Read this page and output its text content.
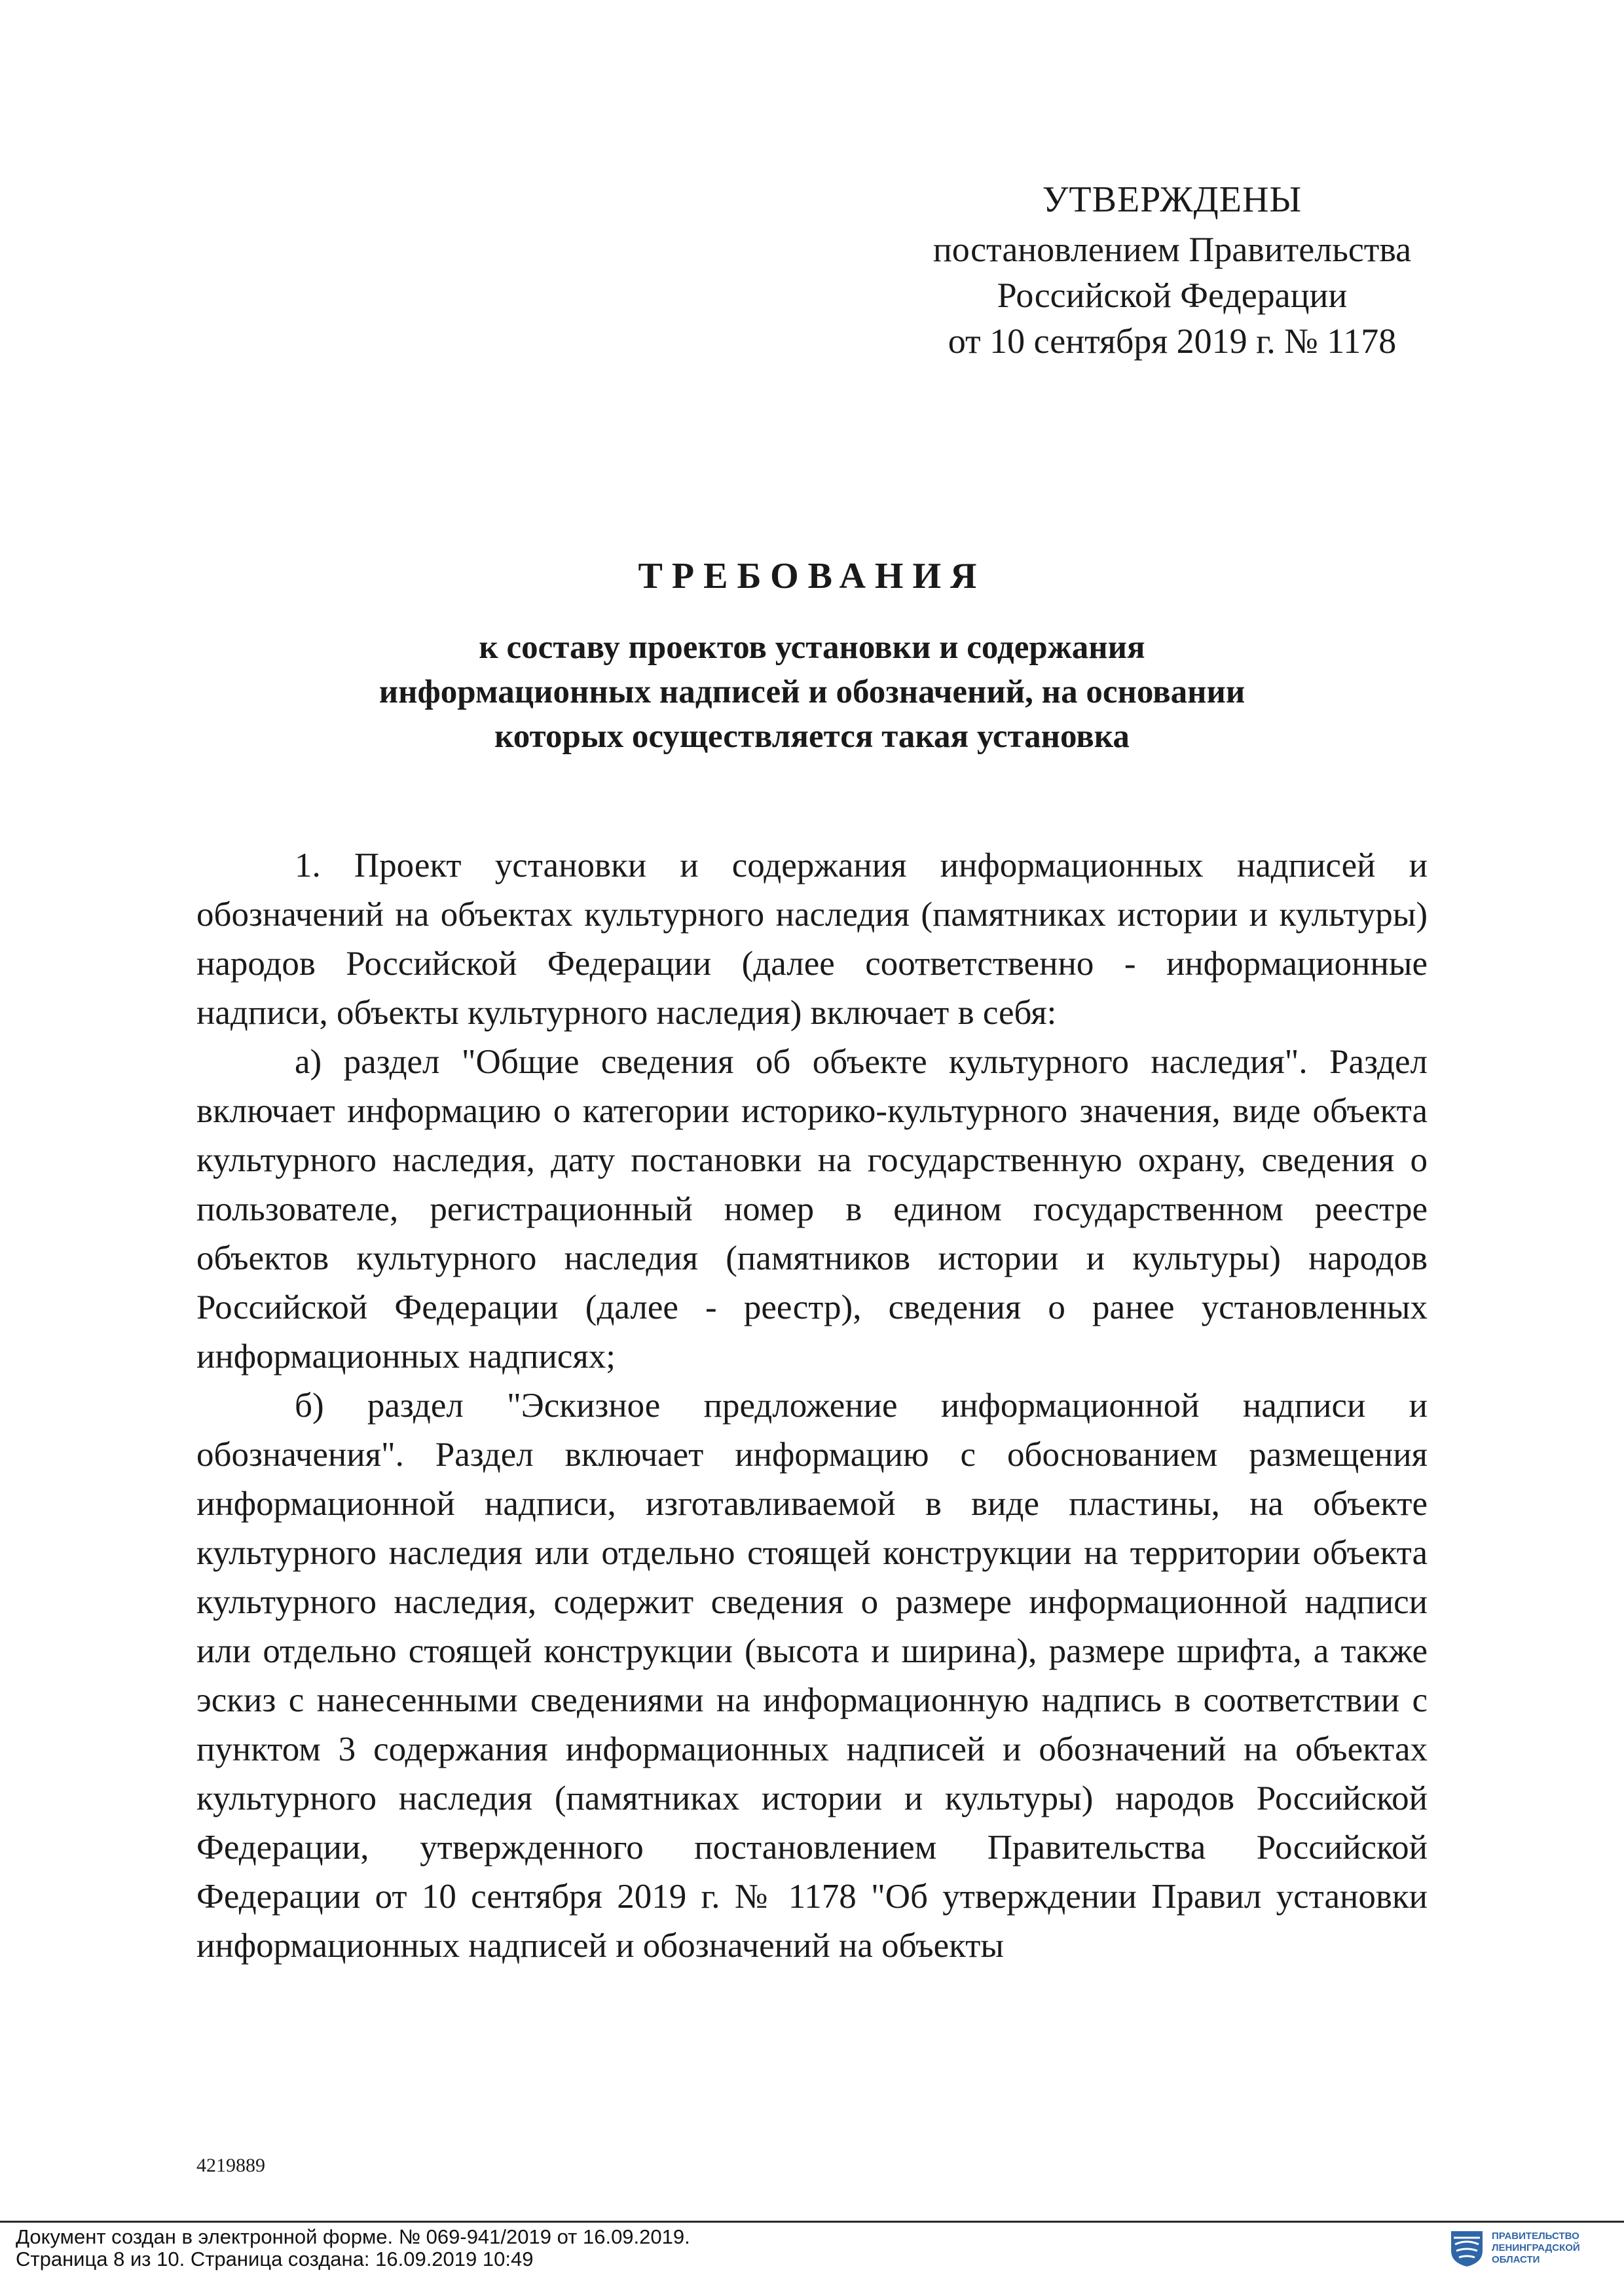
УТВЕРЖДЕНЫ
постановлением Правительства
Российской Федерации
от 10 сентября 2019 г. № 1178
ТРЕБОВАНИЯ
к составу проектов установки и содержания
информационных надписей и обозначений, на основании
которых осуществляется такая установка

1. Проект установки и содержания информационных надписей и обозначений на объектах культурного наследия (памятниках истории и культуры) народов Российской Федерации (далее соответственно - информационные надписи, объекты культурного наследия) включает в себя:

а) раздел "Общие сведения об объекте культурного наследия". Раздел включает информацию о категории историко-культурного значения, виде объекта культурного наследия, дату постановки на государственную охрану, сведения о пользователе, регистрационный номер в едином государственном реестре объектов культурного наследия (памятников истории и культуры) народов Российской Федерации (далее - реестр), сведения о ранее установленных информационных надписях;

б) раздел "Эскизное предложение информационной надписи и обозначения". Раздел включает информацию с обоснованием размещения информационной надписи, изготавливаемой в виде пластины, на объекте культурного наследия или отдельно стоящей конструкции на территории объекта культурного наследия, содержит сведения о размере информационной надписи или отдельно стоящей конструкции (высота и ширина), размере шрифта, а также эскиз с нанесенными сведениями на информационную надпись в соответствии с пунктом 3 содержания информационных надписей и обозначений на объектах культурного наследия (памятниках истории и культуры) народов Российской Федерации, утвержденного постановлением Правительства Российской Федерации от 10 сентября 2019 г. № 1178 "Об утверждении Правил установки информационных надписей и обозначений на объекты

4219889
Документ создан в электронной форме. № 069-941/2019 от 16.09.2019.
Страница 8 из 10. Страница создана: 16.09.2019 10:49
ПРАВИТЕЛЬСТВО
ЛЕНИНГРАДСКОЙ
ОБЛАСТИ
